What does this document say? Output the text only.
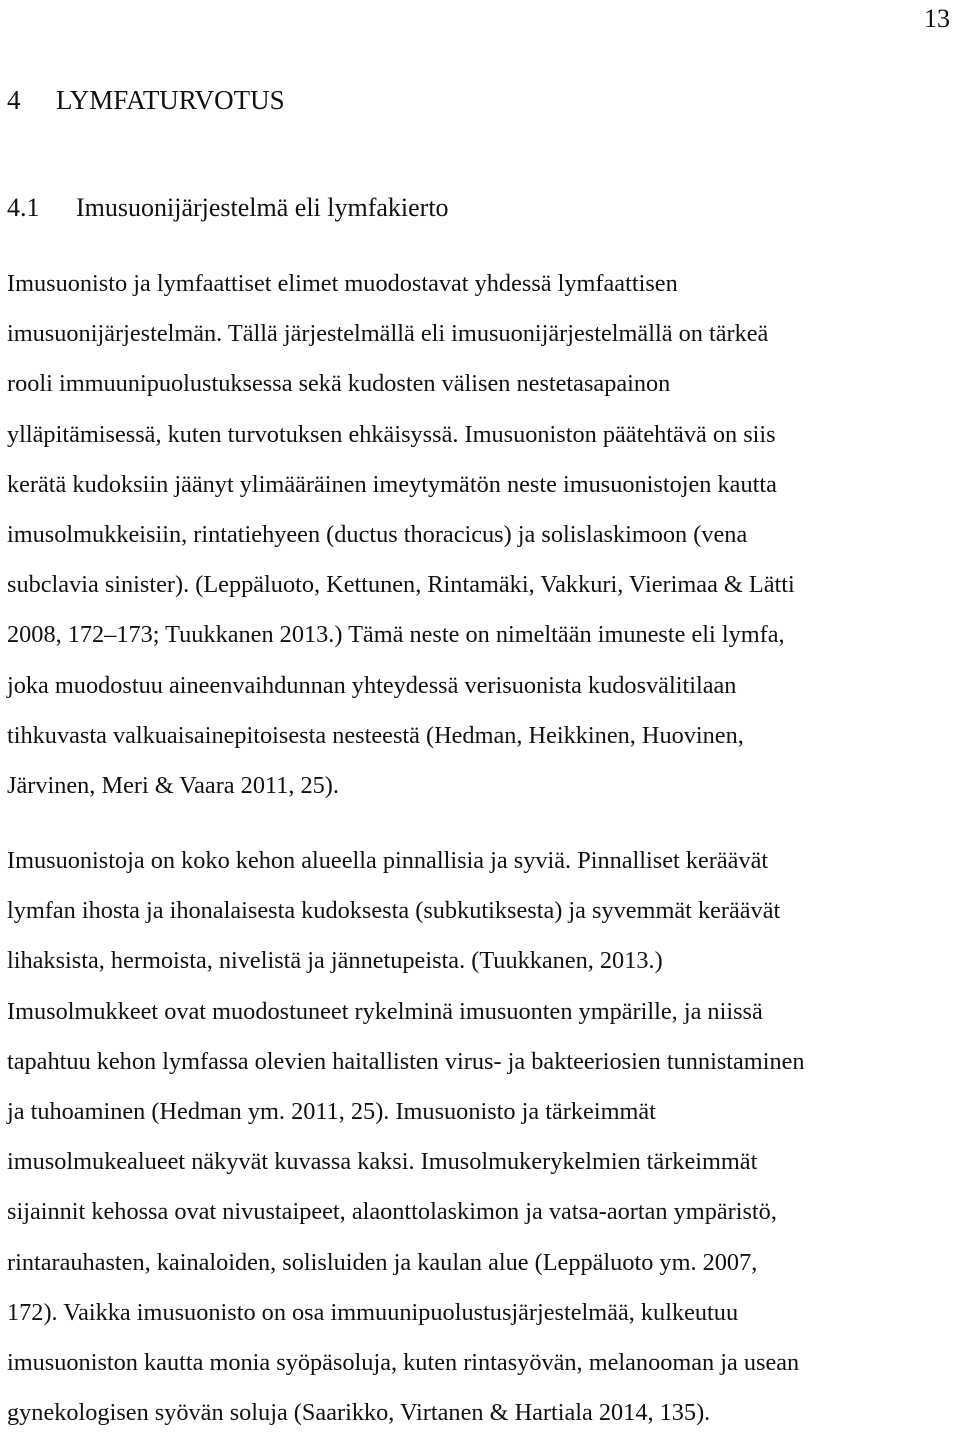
13
4 LYMFATURVOTUS
4.1 Imusuonijärjestelmä eli lymfakierto

Imusuonisto ja lymfaattiset elimet muodostavat yhdessä lymfaattisen
imusuonijärjestelmän. Tällä järjestelmällä eli imusuonijärjestelmällä on tärkeä
rooli immuunipuolustuksessa sekä kudosten välisen nestetasapainon
ylläpitämisessä, kuten turvotuksen ehkäisyssä. Imusuoniston päätehtävä on siis
kerätä kudoksiin jäänyt ylimääräinen imeytymätön neste imusuonistojen kautta
imusolmukkeisiin, rintatiehyeen (ductus thoracicus) ja solislaskimoon (vena
subclavia sinister). (Leppäluoto, Kettunen, Rintamäki, Vakkuri, Vierimaa & Lätti
2008, 172–173; Tuukkanen 2013.) Tämä neste on nimeltään imuneste eli lymfa,
joka muodostuu aineenvaihdunnan yhteydessä verisuonista kudosvälitilaan
tihkuvasta valkuaisainepitoisesta nesteestä (Hedman, Heikkinen, Huovinen,
Järvinen, Meri & Vaara 2011, 25).

Imusuonistoja on koko kehon alueella pinnallisia ja syviä. Pinnalliset keräävät
lymfan ihosta ja ihonalaisesta kudoksesta (subkutiksesta) ja syvemmät keräävät
lihaksista, hermoista, nivelistä ja jännetupeista. (Tuukkanen, 2013.)
Imusolmukkeet ovat muodostuneet rykelminä imusuonten ympärille, ja niissä
tapahtuu kehon lymfassa olevien haitallisten virus- ja bakteeriosien tunnistaminen
ja tuhoaminen (Hedman ym. 2011, 25). Imusuonisto ja tärkeimmät
imusolmukealueet näkyvät kuvassa kaksi. Imusolmukerykelmien tärkeimmät
sijainnit kehossa ovat nivustaipeet, alaonttolaskimon ja vatsa-aortan ympäristö,
rintarauhasten, kainaloiden, solisluiden ja kaulan alue (Leppäluoto ym. 2007,
172). Vaikka imusuonisto on osa immuunipuolustusjärjestelmää, kulkeutuu
imusuoniston kautta monia syöpäsoluja, kuten rintasyövän, melanooman ja usean
gynekologisen syövän soluja (Saarikko, Virtanen & Hartiala 2014, 135).
